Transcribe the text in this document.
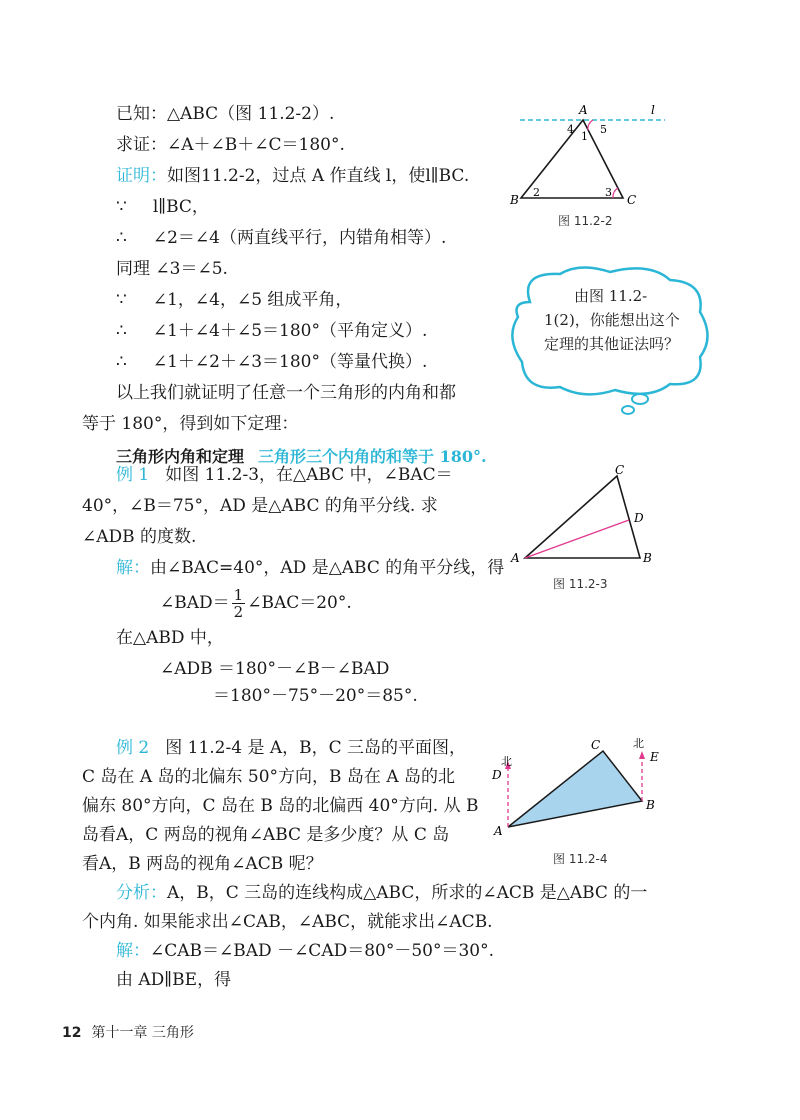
已知：△ABC（图 11.2-2）.
求证：∠A＋∠B＋∠C＝180°.
证明：如图11.2-2，过点 A 作直线 l，使l∥BC.
∵ l∥BC，
∴ ∠2＝∠4（两直线平行，内错角相等）.
同理 ∠3＝∠5.
∵ ∠1，∠4，∠5 组成平角，
∴ ∠1＋∠4＋∠5＝180°（平角定义）.
∴ ∠1＋∠2＋∠3＝180°（等量代换）.
以上我们就证明了任意一个三角形的内角和都
等于 180°，得到如下定理：
三角形内角和定理 三角形三个内角的和等于 180°.
A	l
4
1
5
B
2	3
C
图 11.2-2
由图 11.2-1(2)，你能想出这个定理的其他证法吗？
例 1 如图 11.2-3，在△ABC 中，∠BAC＝
40°，∠B＝75°，AD 是△ABC 的角平分线. 求
∠ADB 的度数.
解：由∠BAC=40°，AD 是△ABC 的角平分线，得
∠BAD＝ $\frac{1}{2}$ ∠BAC＝20°.
在△ABD 中，
∠ADB ＝180°－∠B－∠BAD
＝180°－75°－20°＝85°.
C
D
A	B
图 11.2-3
例 2 图 11.2-4 是 A，B，C 三岛的平面图，
C 岛在 A 岛的北偏东 50°方向，B 岛在 A 岛的北
偏东 80°方向，C 岛在 B 岛的北偏西 40°方向. 从 B
岛看A，C 两岛的视角∠ABC 是多少度？从 C 岛
看A，B 两岛的视角∠ACB 呢？
分析：A，B，C 三岛的连线构成△ABC，所求的∠ACB 是△ABC 的一
个内角. 如果能求出∠CAB，∠ABC，就能求出∠ACB.
解：∠CAB＝∠BAD －∠CAD＝80°－50°＝30°.
由 AD∥BE，得
C
北
北
E
D
B
A
图 11.2-4
12 第十一章 三角形
